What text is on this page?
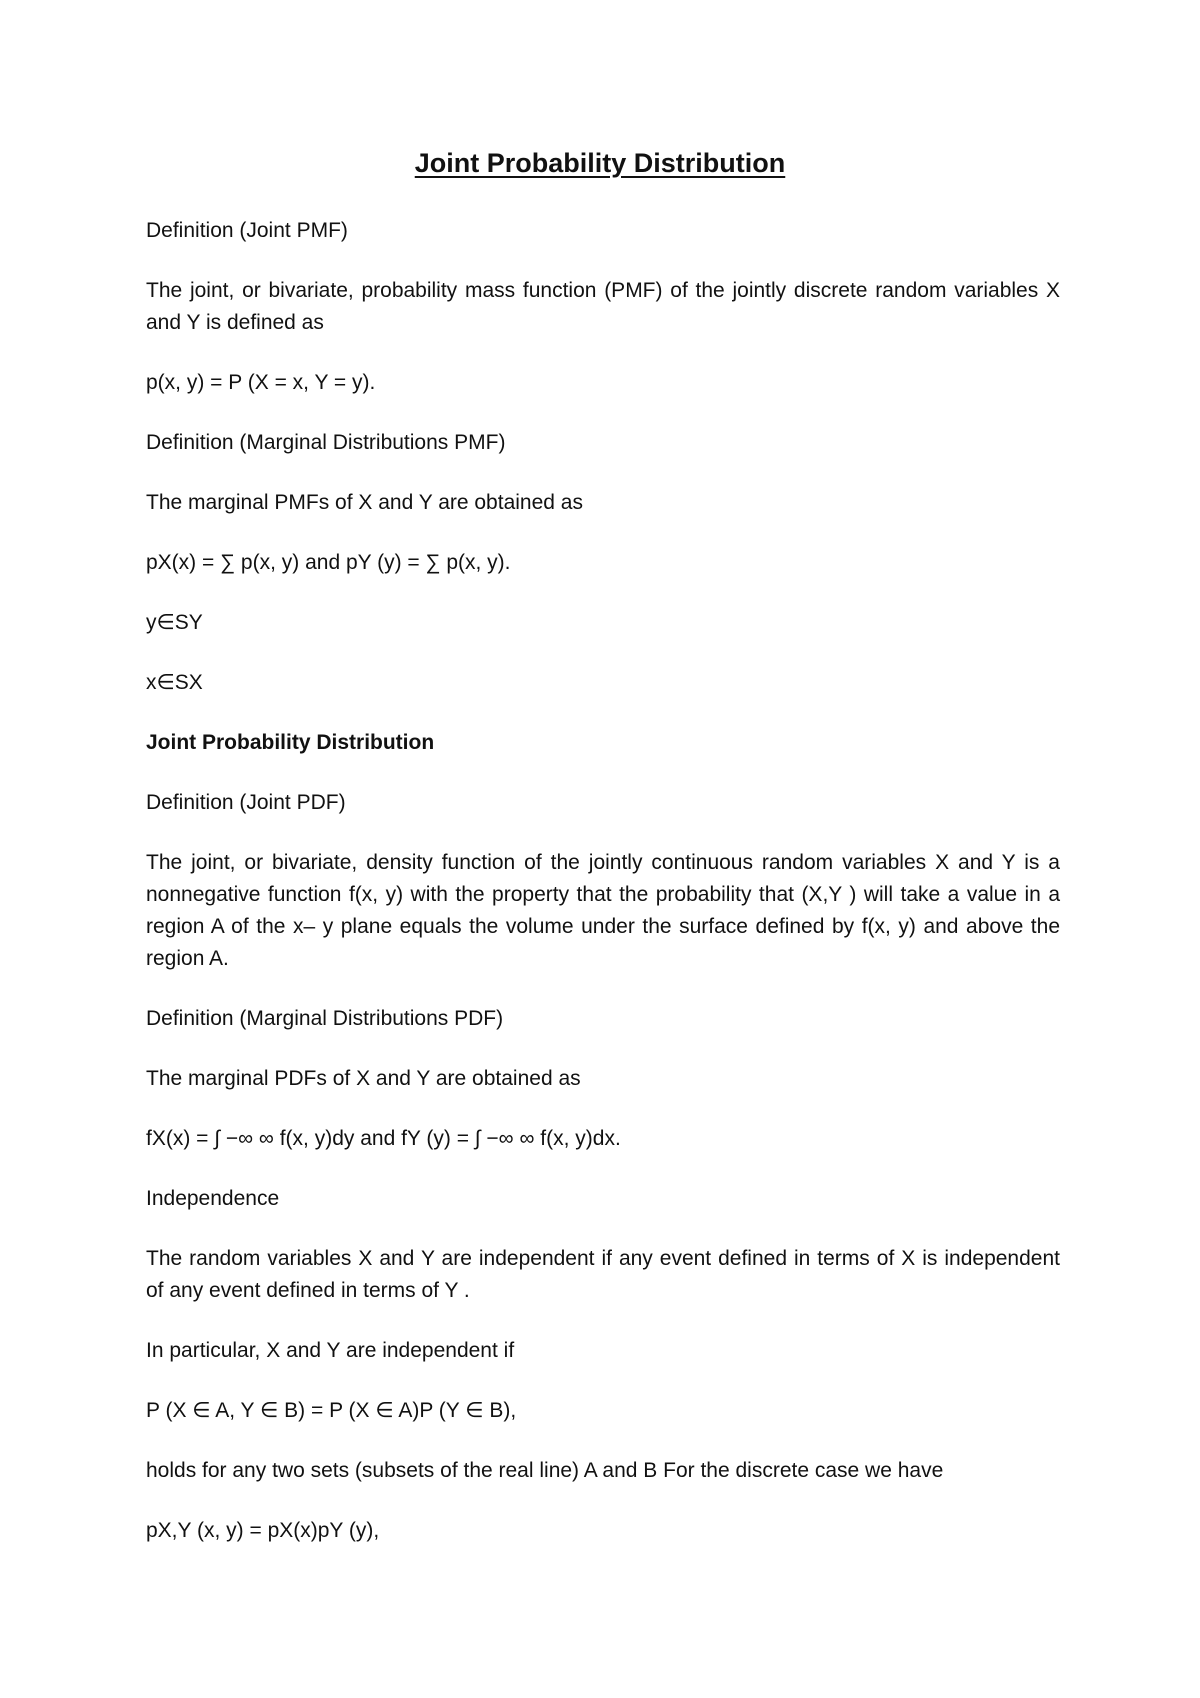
Joint Probability Distribution

Definition (Joint PMF)

The joint, or bivariate, probability mass function (PMF) of the jointly discrete random variables X and Y is defined as

p(x, y) = P (X = x, Y = y).

Definition (Marginal Distributions PMF)

The marginal PMFs of X and Y are obtained as

pX(x) = ∑ p(x, y) and pY (y) = ∑ p(x, y).

y∈SY

x∈SX

Joint Probability Distribution

Definition (Joint PDF)

The joint, or bivariate, density function of the jointly continuous random variables X and Y is a nonnegative function f(x, y) with the property that the probability that (X,Y ) will take a value in a region A of the x– y plane equals the volume under the surface defined by f(x, y) and above the region A.

Definition (Marginal Distributions PDF)

The marginal PDFs of X and Y are obtained as

fX(x) = ∫ −∞ ∞ f(x, y)dy and fY (y) = ∫ −∞ ∞ f(x, y)dx.

Independence

The random variables X and Y are independent if any event defined in terms of X is independent of any event defined in terms of Y .

In particular, X and Y are independent if

P (X ∈ A, Y ∈ B) = P (X ∈ A)P (Y ∈ B),

holds for any two sets (subsets of the real line) A and B For the discrete case we have

pX,Y (x, y) = pX(x)pY (y),
